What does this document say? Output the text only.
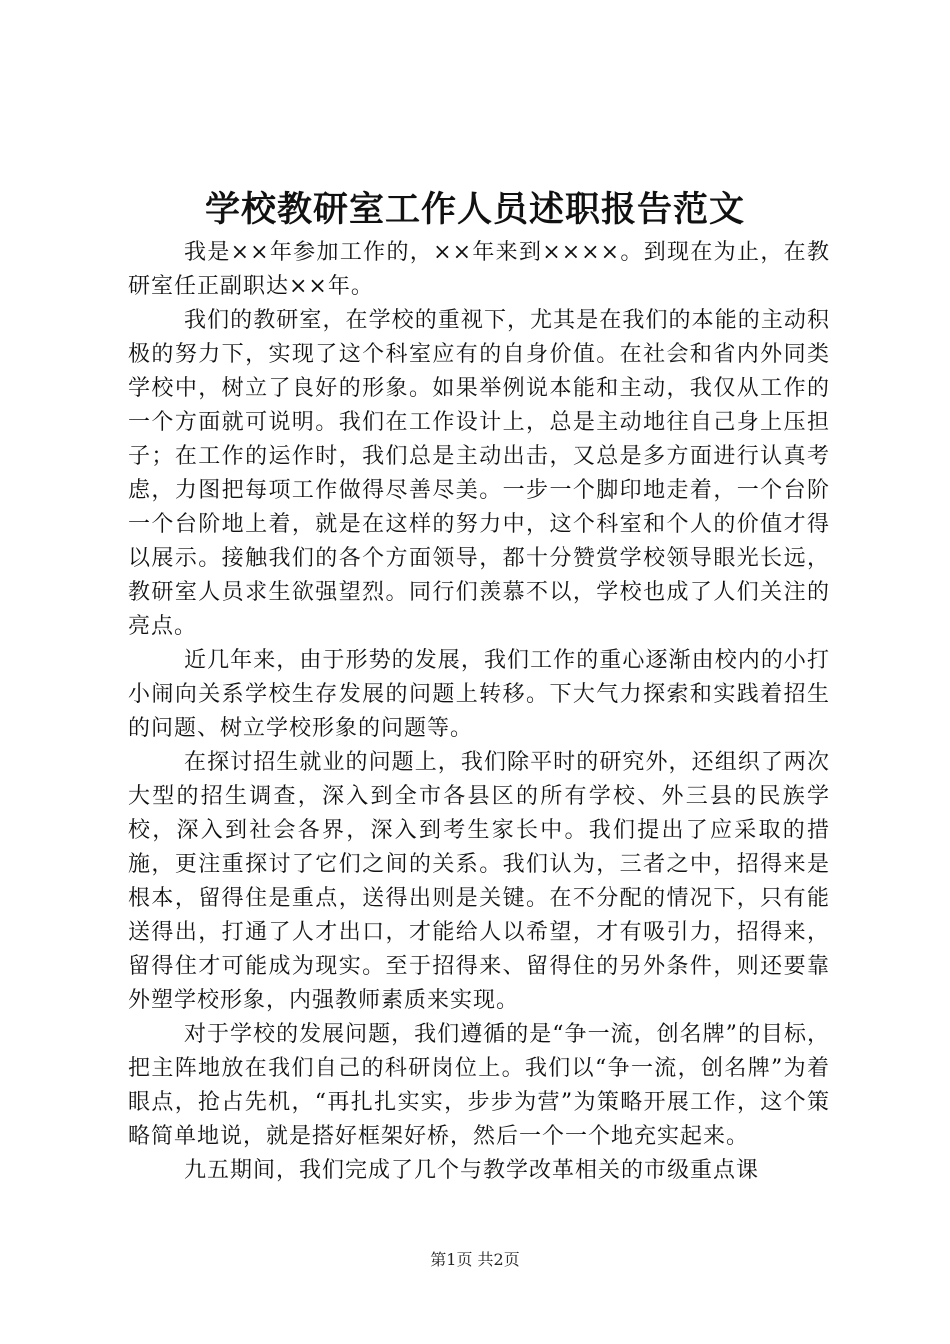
学校教研室工作人员述职报告范文

我是××年参加工作的，××年来到××××。到现在为止，在教研室任正副职达××年。

我们的教研室，在学校的重视下，尤其是在我们的本能的主动积极的努力下，实现了这个科室应有的自身价值。在社会和省内外同类学校中，树立了良好的形象。如果举例说本能和主动，我仅从工作的一个方面就可说明。我们在工作设计上，总是主动地往自己身上压担子；在工作的运作时，我们总是主动出击，又总是多方面进行认真考虑，力图把每项工作做得尽善尽美。一步一个脚印地走着，一个台阶一个台阶地上着，就是在这样的努力中，这个科室和个人的价值才得以展示。接触我们的各个方面领导，都十分赞赏学校领导眼光长远，教研室人员求生欲强望烈。同行们羡慕不以，学校也成了人们关注的亮点。

近几年来，由于形势的发展，我们工作的重心逐渐由校内的小打小闹向关系学校生存发展的问题上转移。下大气力探索和实践着招生的问题、树立学校形象的问题等。

在探讨招生就业的问题上，我们除平时的研究外，还组织了两次大型的招生调查，深入到全市各县区的所有学校、外三县的民族学校，深入到社会各界，深入到考生家长中。我们提出了应采取的措施，更注重探讨了它们之间的关系。我们认为，三者之中，招得来是根本，留得住是重点，送得出则是关键。在不分配的情况下，只有能送得出，打通了人才出口，才能给人以希望，才有吸引力，招得来，留得住才可能成为现实。至于招得来、留得住的另外条件，则还要靠外塑学校形象，内强教师素质来实现。

对于学校的发展问题，我们遵循的是“争一流，创名牌”的目标，把主阵地放在我们自己的科研岗位上。我们以“争一流，创名牌”为着眼点，抢占先机，“再扎扎实实，步步为营”为策略开展工作，这个策略简单地说，就是搭好框架好桥，然后一个一个地充实起来。

九五期间，我们完成了几个与教学改革相关的市级重点课

第1页 共2页
